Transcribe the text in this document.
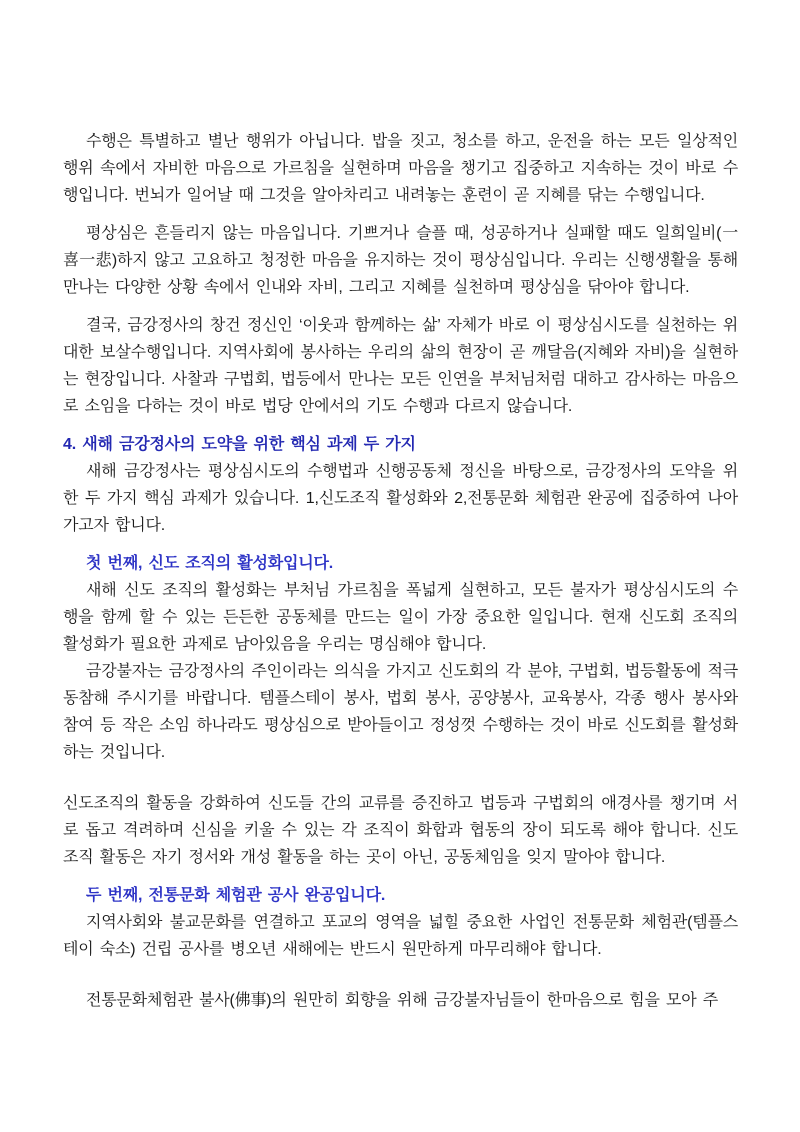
수행은 특별하고 별난 행위가 아닙니다. 밥을 짓고, 청소를 하고, 운전을 하는 모든 일상적인 행위 속에서 자비한 마음으로 가르침을 실현하며 마음을 챙기고 집중하고 지속하는 것이 바로 수행입니다. 번뇌가 일어날 때 그것을 알아차리고 내려놓는 훈련이 곧 지혜를 닦는 수행입니다.

평상심은 흔들리지 않는 마음입니다. 기쁘거나 슬플 때, 성공하거나 실패할 때도 일희일비(一喜一悲)하지 않고 고요하고 청정한 마음을 유지하는 것이 평상심입니다. 우리는 신행생활을 통해 만나는 다양한 상황 속에서 인내와 자비, 그리고 지혜를 실천하며 평상심을 닦아야 합니다.

결국, 금강정사의 창건 정신인 ‘이웃과 함께하는 삶’ 자체가 바로 이 평상심시도를 실천하는 위대한 보살수행입니다. 지역사회에 봉사하는 우리의 삶의 현장이 곧 깨달음(지혜와 자비)을 실현하는 현장입니다. 사찰과 구법회, 법등에서 만나는 모든 인연을 부처님처럼 대하고 감사하는 마음으로 소임을 다하는 것이 바로 법당 안에서의 기도 수행과 다르지 않습니다.

4. 새해 금강정사의 도약을 위한 핵심 과제 두 가지

새해 금강정사는 평상심시도의 수행법과 신행공동체 정신을 바탕으로, 금강정사의 도약을 위한 두 가지 핵심 과제가 있습니다. 1,신도조직 활성화와 2,전통문화 체험관 완공에 집중하여 나아가고자 합니다.

첫 번째, 신도 조직의 활성화입니다.

새해 신도 조직의 활성화는 부처님 가르침을 폭넓게 실현하고, 모든 불자가 평상심시도의 수행을 함께 할 수 있는 든든한 공동체를 만드는 일이 가장 중요한 일입니다. 현재 신도회 조직의 활성화가 필요한 과제로 남아있음을 우리는 명심해야 합니다.

금강불자는 금강정사의 주인이라는 의식을 가지고 신도회의 각 분야, 구법회, 법등활동에 적극 동참해 주시기를 바랍니다. 템플스테이 봉사, 법회 봉사, 공양봉사, 교육봉사, 각종 행사 봉사와 참여 등 작은 소임 하나라도 평상심으로 받아들이고 정성껏 수행하는 것이 바로 신도회를 활성화하는 것입니다.

신도조직의 활동을 강화하여 신도들 간의 교류를 증진하고 법등과 구법회의 애경사를 챙기며 서로 돕고 격려하며 신심을 키울 수 있는 각 조직이 화합과 협동의 장이 되도록 해야 합니다. 신도 조직 활동은 자기 정서와 개성 활동을 하는 곳이 아닌, 공동체임을 잊지 말아야 합니다.

두 번째, 전통문화 체험관 공사 완공입니다.

지역사회와 불교문화를 연결하고 포교의 영역을 넓힐 중요한 사업인 전통문화 체험관(템플스테이 숙소) 건립 공사를 병오년 새해에는 반드시 원만하게 마무리해야 합니다.

전통문화체험관 불사(佛事)의 원만히 회향을 위해 금강불자님들이 한마음으로 힘을 모아 주
